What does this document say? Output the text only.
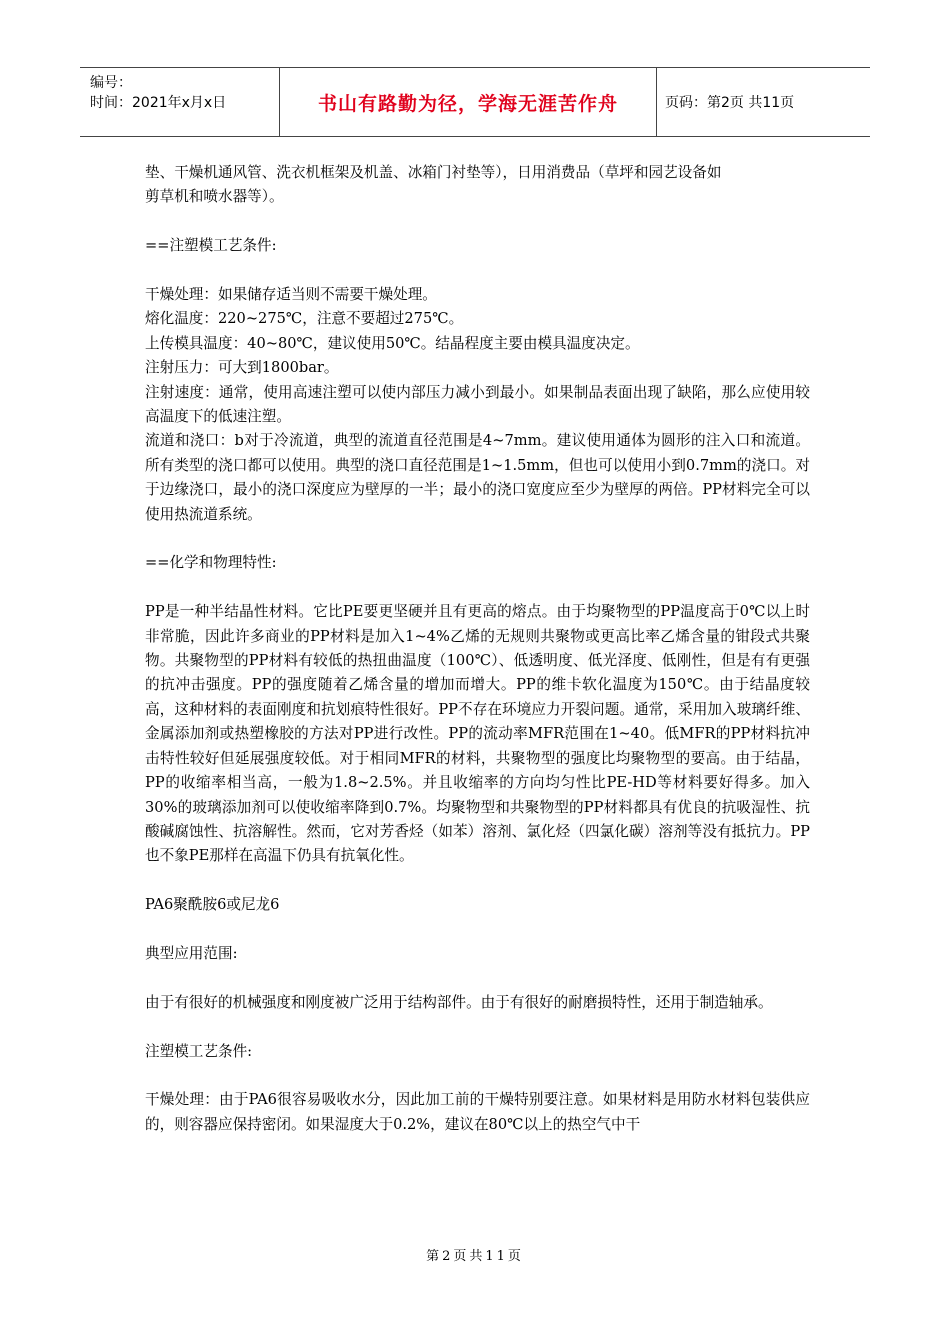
编号：
时间：2021年x月x日	书山有路勤为径，学海无涯苦作舟	页码：第2页 共11页

垫、干燥机通风管、洗衣机框架及机盖、冰箱门衬垫等），日用消费品（草坪和园艺设备如

剪草机和喷水器等）。

==注塑模工艺条件:

干燥处理：如果储存适当则不需要干燥处理。

熔化温度：220~275℃，注意不要超过275℃。

上传模具温度：40~80℃，建议使用50℃。结晶程度主要由模具温度决定。

注射压力：可大到1800bar。

注射速度：通常，使用高速注塑可以使内部压力减小到最小。如果制品表面出现了缺陷，那么应使用较高温度下的低速注塑。

流道和浇口：b对于冷流道，典型的流道直径范围是4~7mm。建议使用通体为圆形的注入口和流道。所有类型的浇口都可以使用。典型的浇口直径范围是1~1.5mm，但也可以使用小到0.7mm的浇口。对于边缘浇口，最小的浇口深度应为壁厚的一半；最小的浇口宽度应至少为壁厚的两倍。PP材料完全可以使用热流道系统。

==化学和物理特性:

PP是一种半结晶性材料。它比PE要更坚硬并且有更高的熔点。由于均聚物型的PP温度高于0℃以上时非常脆，因此许多商业的PP材料是加入1~4%乙烯的无规则共聚物或更高比率乙烯含量的钳段式共聚物。共聚物型的PP材料有较低的热扭曲温度（100℃）、低透明度、低光泽度、低刚性，但是有有更强的抗冲击强度。PP的强度随着乙烯含量的增加而增大。PP的维卡软化温度为150℃。由于结晶度较高，这种材料的表面刚度和抗划痕特性很好。PP不存在环境应力开裂问题。通常，采用加入玻璃纤维、金属添加剂或热塑橡胶的方法对PP进行改性。PP的流动率MFR范围在1~40。低MFR的PP材料抗冲击特性较好但延展强度较低。对于相同MFR的材料，共聚物型的强度比均聚物型的要高。由于结晶，PP的收缩率相当高，一般为1.8~2.5%。并且收缩率的方向均匀性比PE-HD等材料要好得多。加入30%的玻璃添加剂可以使收缩率降到0.7%。均聚物型和共聚物型的PP材料都具有优良的抗吸湿性、抗酸碱腐蚀性、抗溶解性。然而，它对芳香烃（如苯）溶剂、氯化烃（四氯化碳）溶剂等没有抵抗力。PP也不象PE那样在高温下仍具有抗氧化性。

PA6聚酰胺6或尼龙6

典型应用范围:

由于有很好的机械强度和刚度被广泛用于结构部件。由于有很好的耐磨损特性，还用于制造轴承。

注塑模工艺条件:

干燥处理：由于PA6很容易吸收水分，因此加工前的干燥特别要注意。如果材料是用防水材料包装供应的，则容器应保持密闭。如果湿度大于0.2%，建议在80℃以上的热空气中干

第2页共11页
